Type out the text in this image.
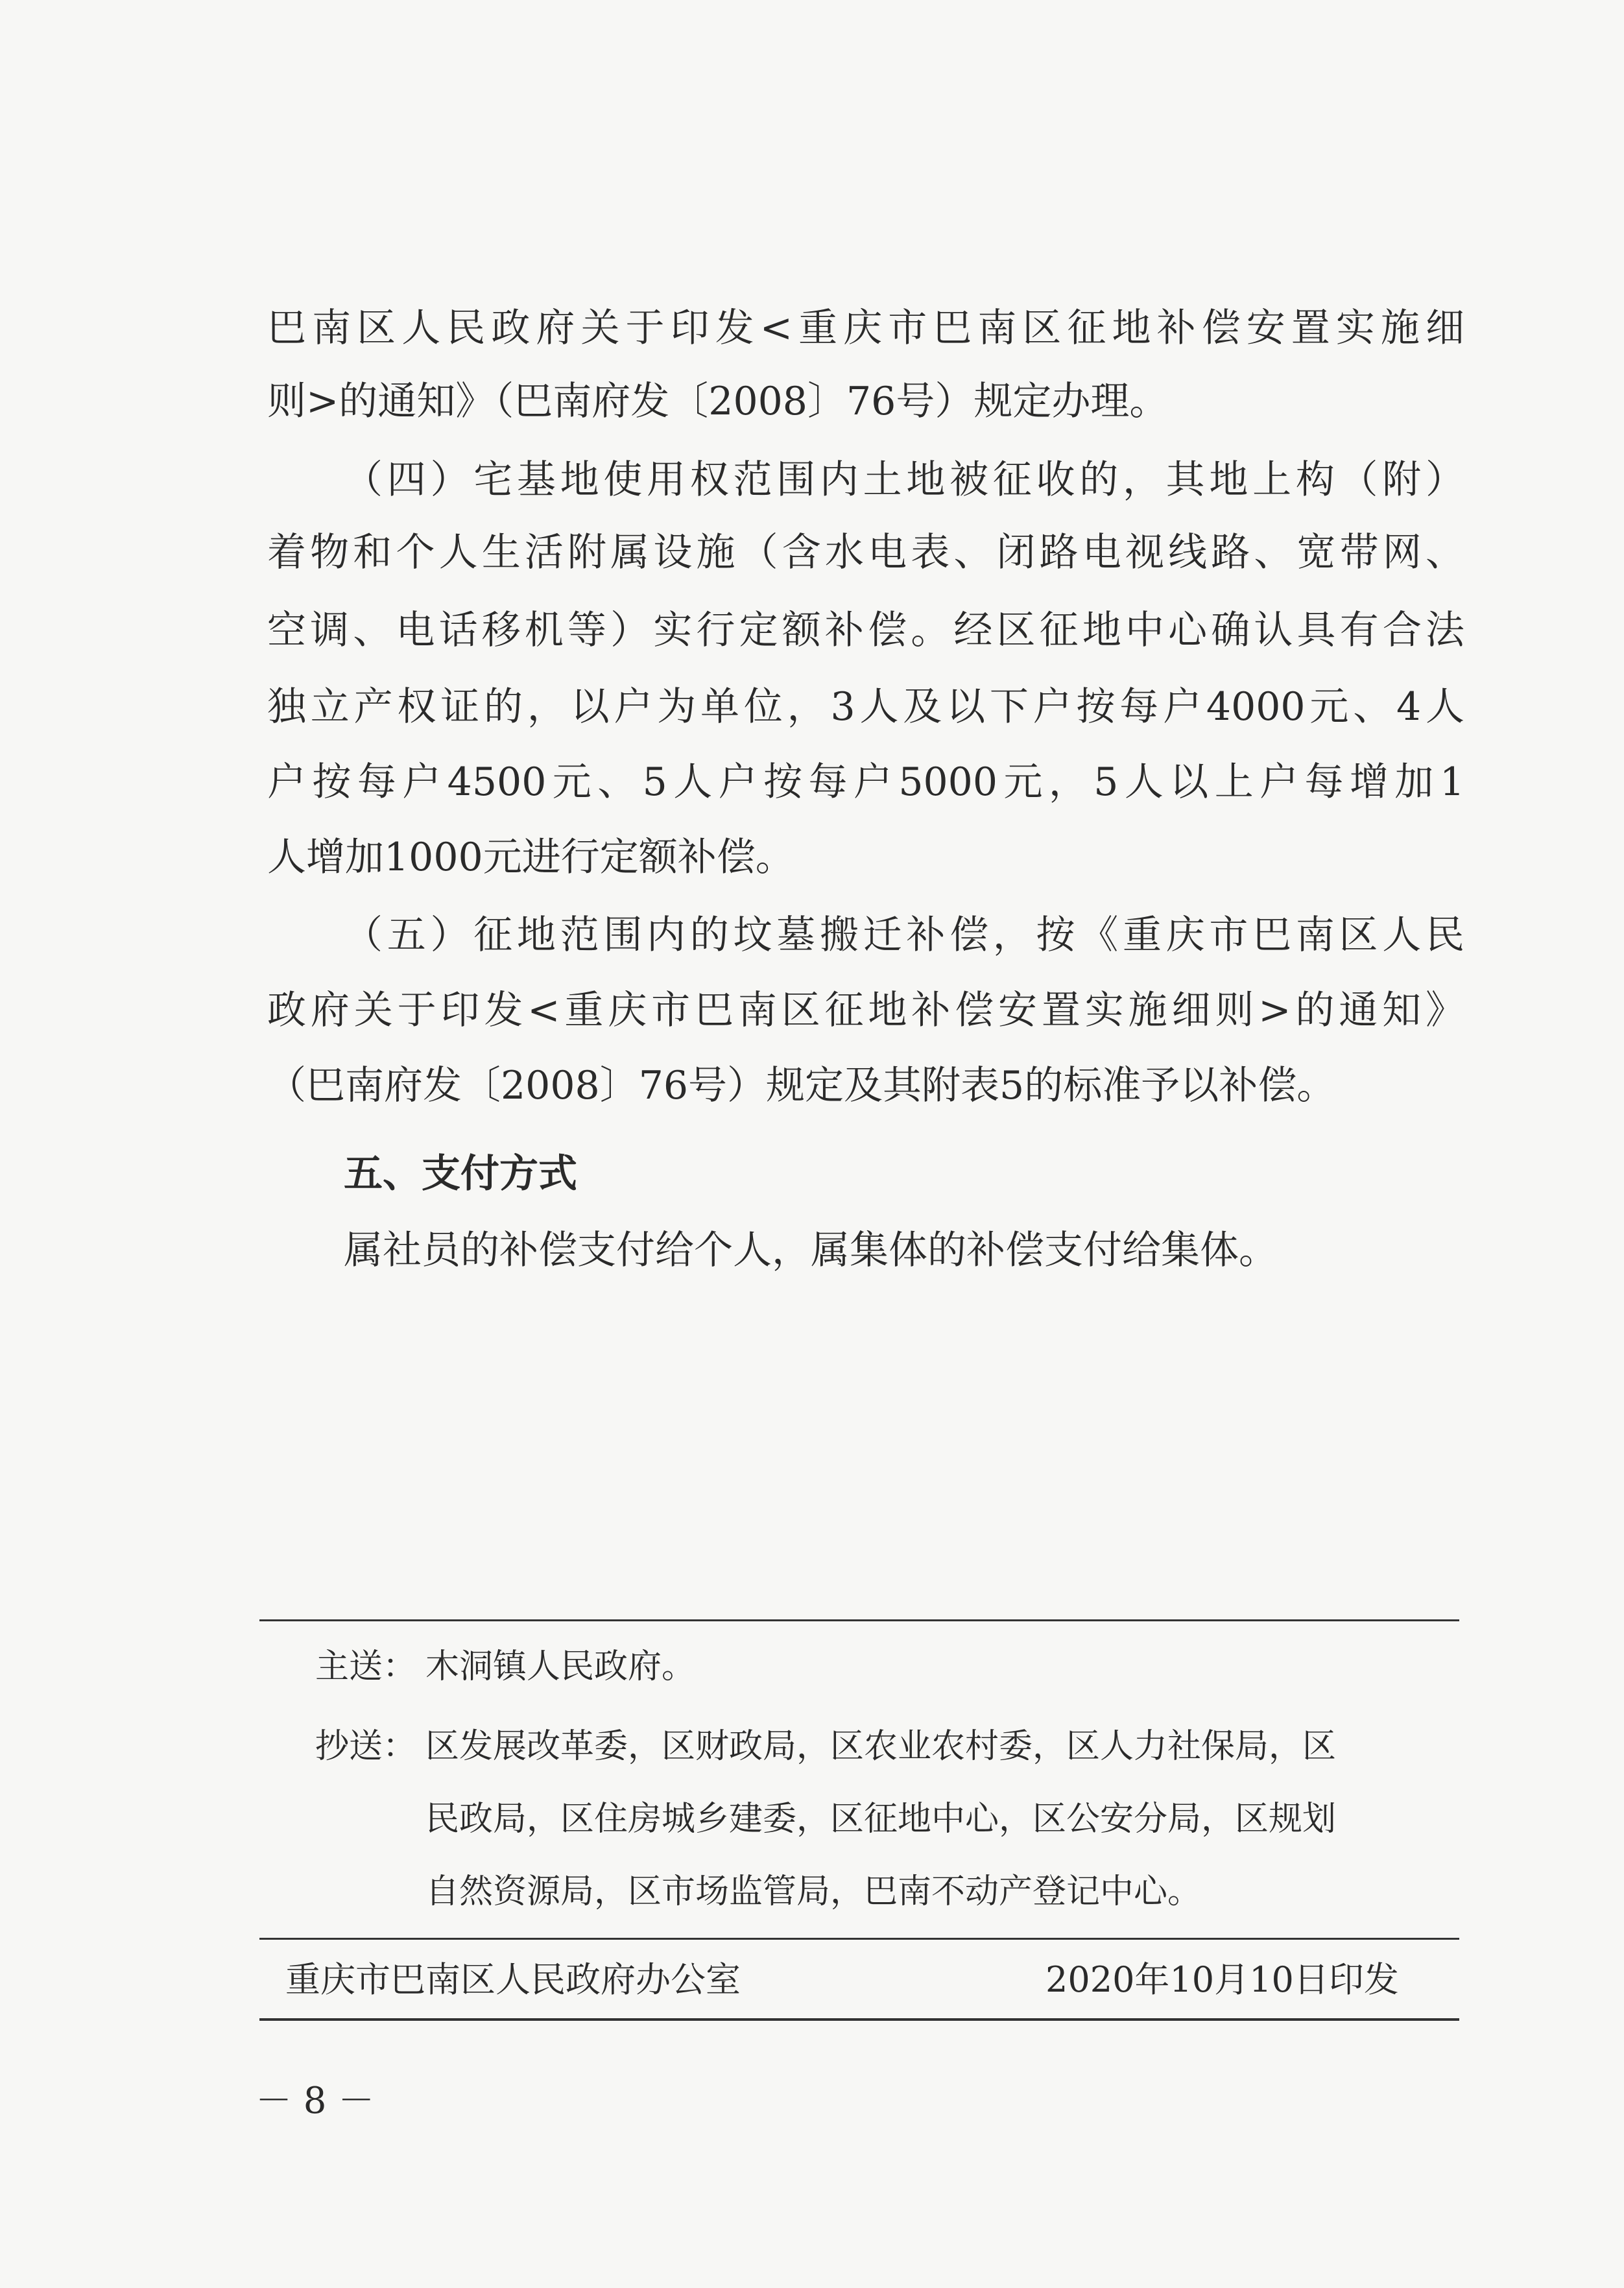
巴南区人民政府关于印发<重庆市巴南区征地补偿安置实施细
则>的通知》（巴南府发〔2008〕76号）规定办理。
（四）宅基地使用权范围内土地被征收的，其地上构（附）
着物和个人生活附属设施（含水电表、闭路电视线路、宽带网、
空调、电话移机等）实行定额补偿。经区征地中心确认具有合法
独立产权证的，以户为单位，3人及以下户按每户4000元、4人
户按每户4500元、5人户按每户5000元，5人以上户每增加1
人增加1000元进行定额补偿。
（五）征地范围内的坟墓搬迁补偿，按《重庆市巴南区人民
政府关于印发<重庆市巴南区征地补偿安置实施细则>的通知》
（巴南府发〔2008〕76号）规定及其附表5的标准予以补偿。
五、支付方式
属社员的补偿支付给个人，属集体的补偿支付给集体。
主送： 木洞镇人民政府。
抄送： 区发展改革委，区财政局，区农业农村委，区人力社保局，区
民政局，区住房城乡建委，区征地中心，区公安分局，区规划
自然资源局，区市场监管局，巴南不动产登记中心。
重庆市巴南区人民政府办公室	2020年10月10日印发
－ 8 －
